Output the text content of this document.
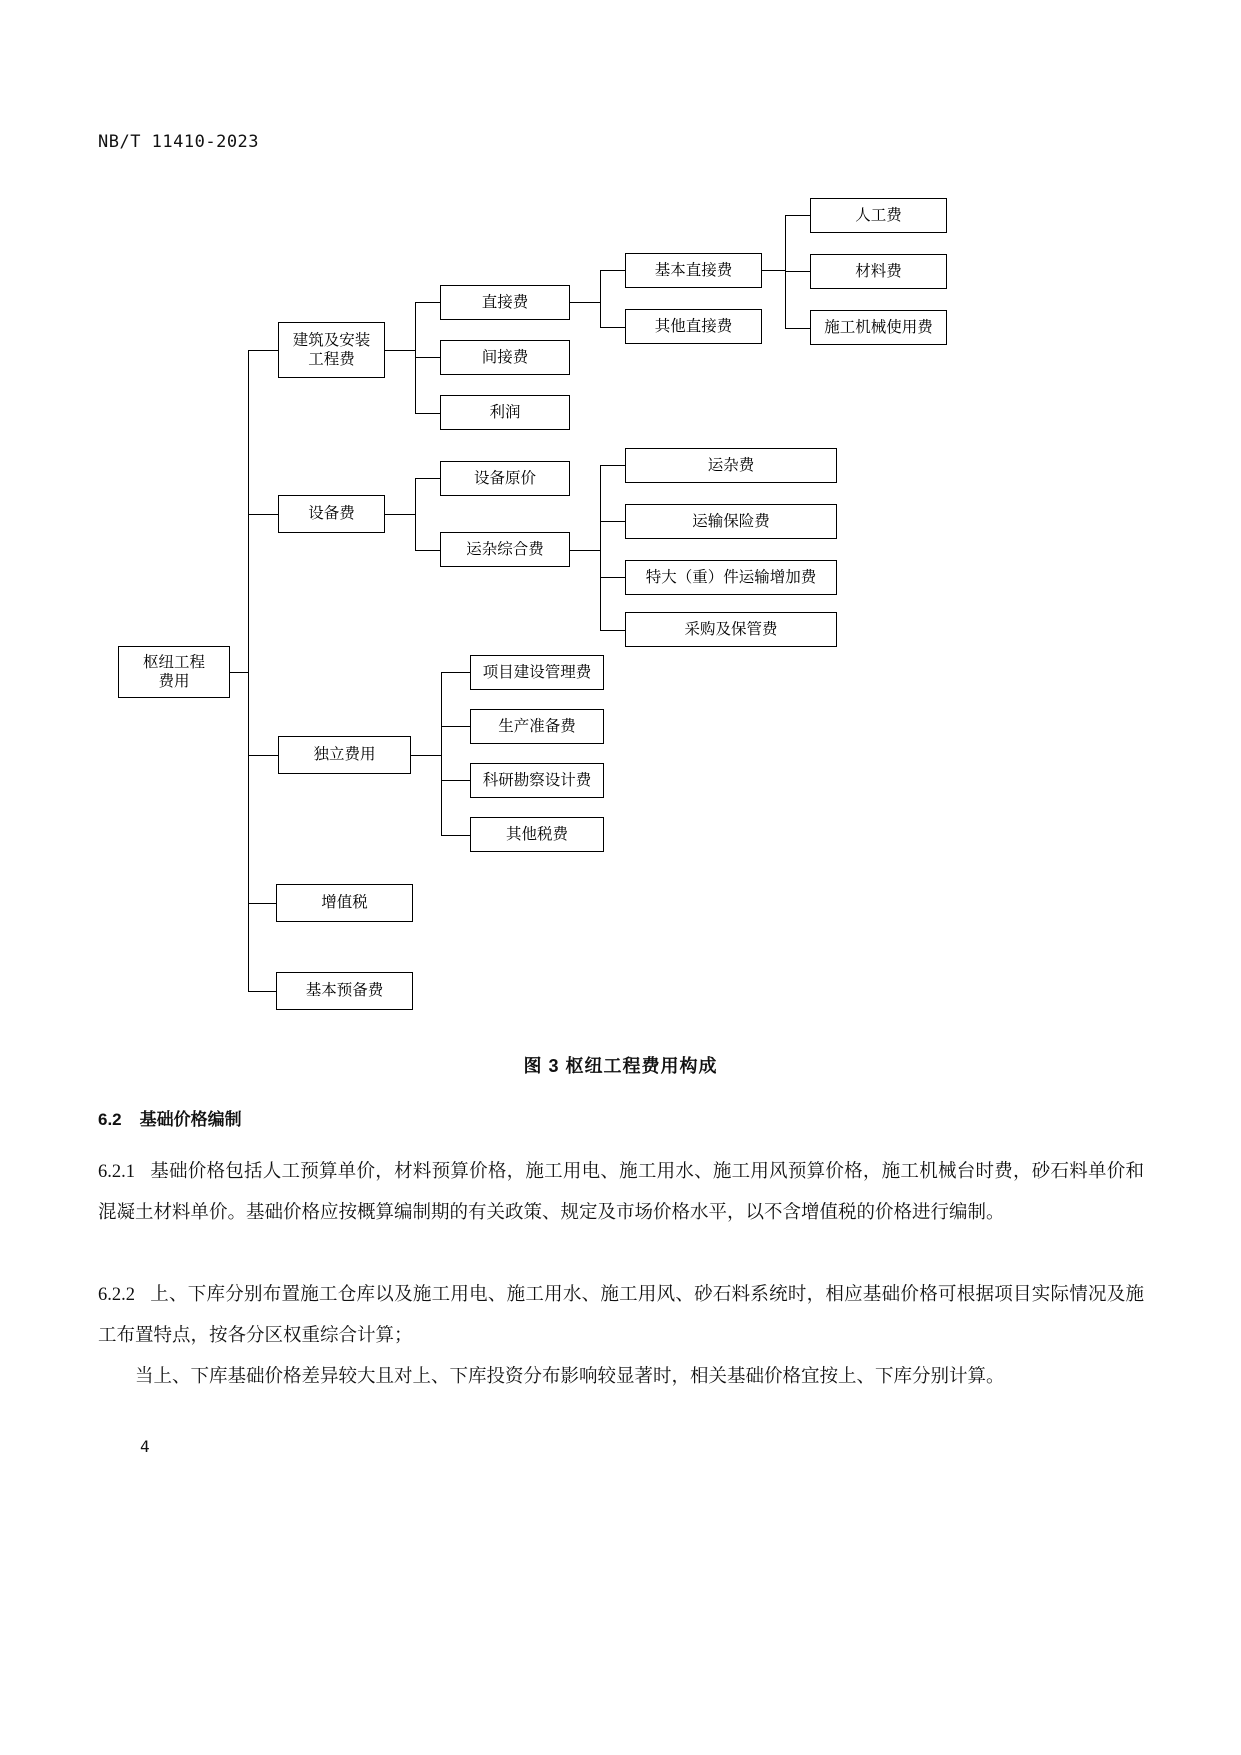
NB/T 11410-2023
枢纽工程
费用
建筑及安装
工程费
设备费
独立费用
增值税
基本预备费
直接费
间接费
利润
基本直接费
其他直接费
人工费
材料费
施工机械使用费
设备原价
运杂综合费
运杂费
运输保险费
特大（重）件运输增加费
采购及保管费
项目建设管理费
生产准备费
科研勘察设计费
其他税费
图 3 枢纽工程费用构成
6.2 基础价格编制
6.2.1 基础价格包括人工预算单价，材料预算价格，施工用电、施工用水、施工用风预算价格，施工机械台时费，砂石料单价和混凝土材料单价。基础价格应按概算编制期的有关政策、规定及市场价格水平，以不含增值税的价格进行编制。
6.2.2 上、下库分别布置施工仓库以及施工用电、施工用水、施工用风、砂石料系统时，相应基础价格可根据项目实际情况及施工布置特点，按各分区权重综合计算；
当上、下库基础价格差异较大且对上、下库投资分布影响较显著时，相关基础价格宜按上、下库分别计算。
4
